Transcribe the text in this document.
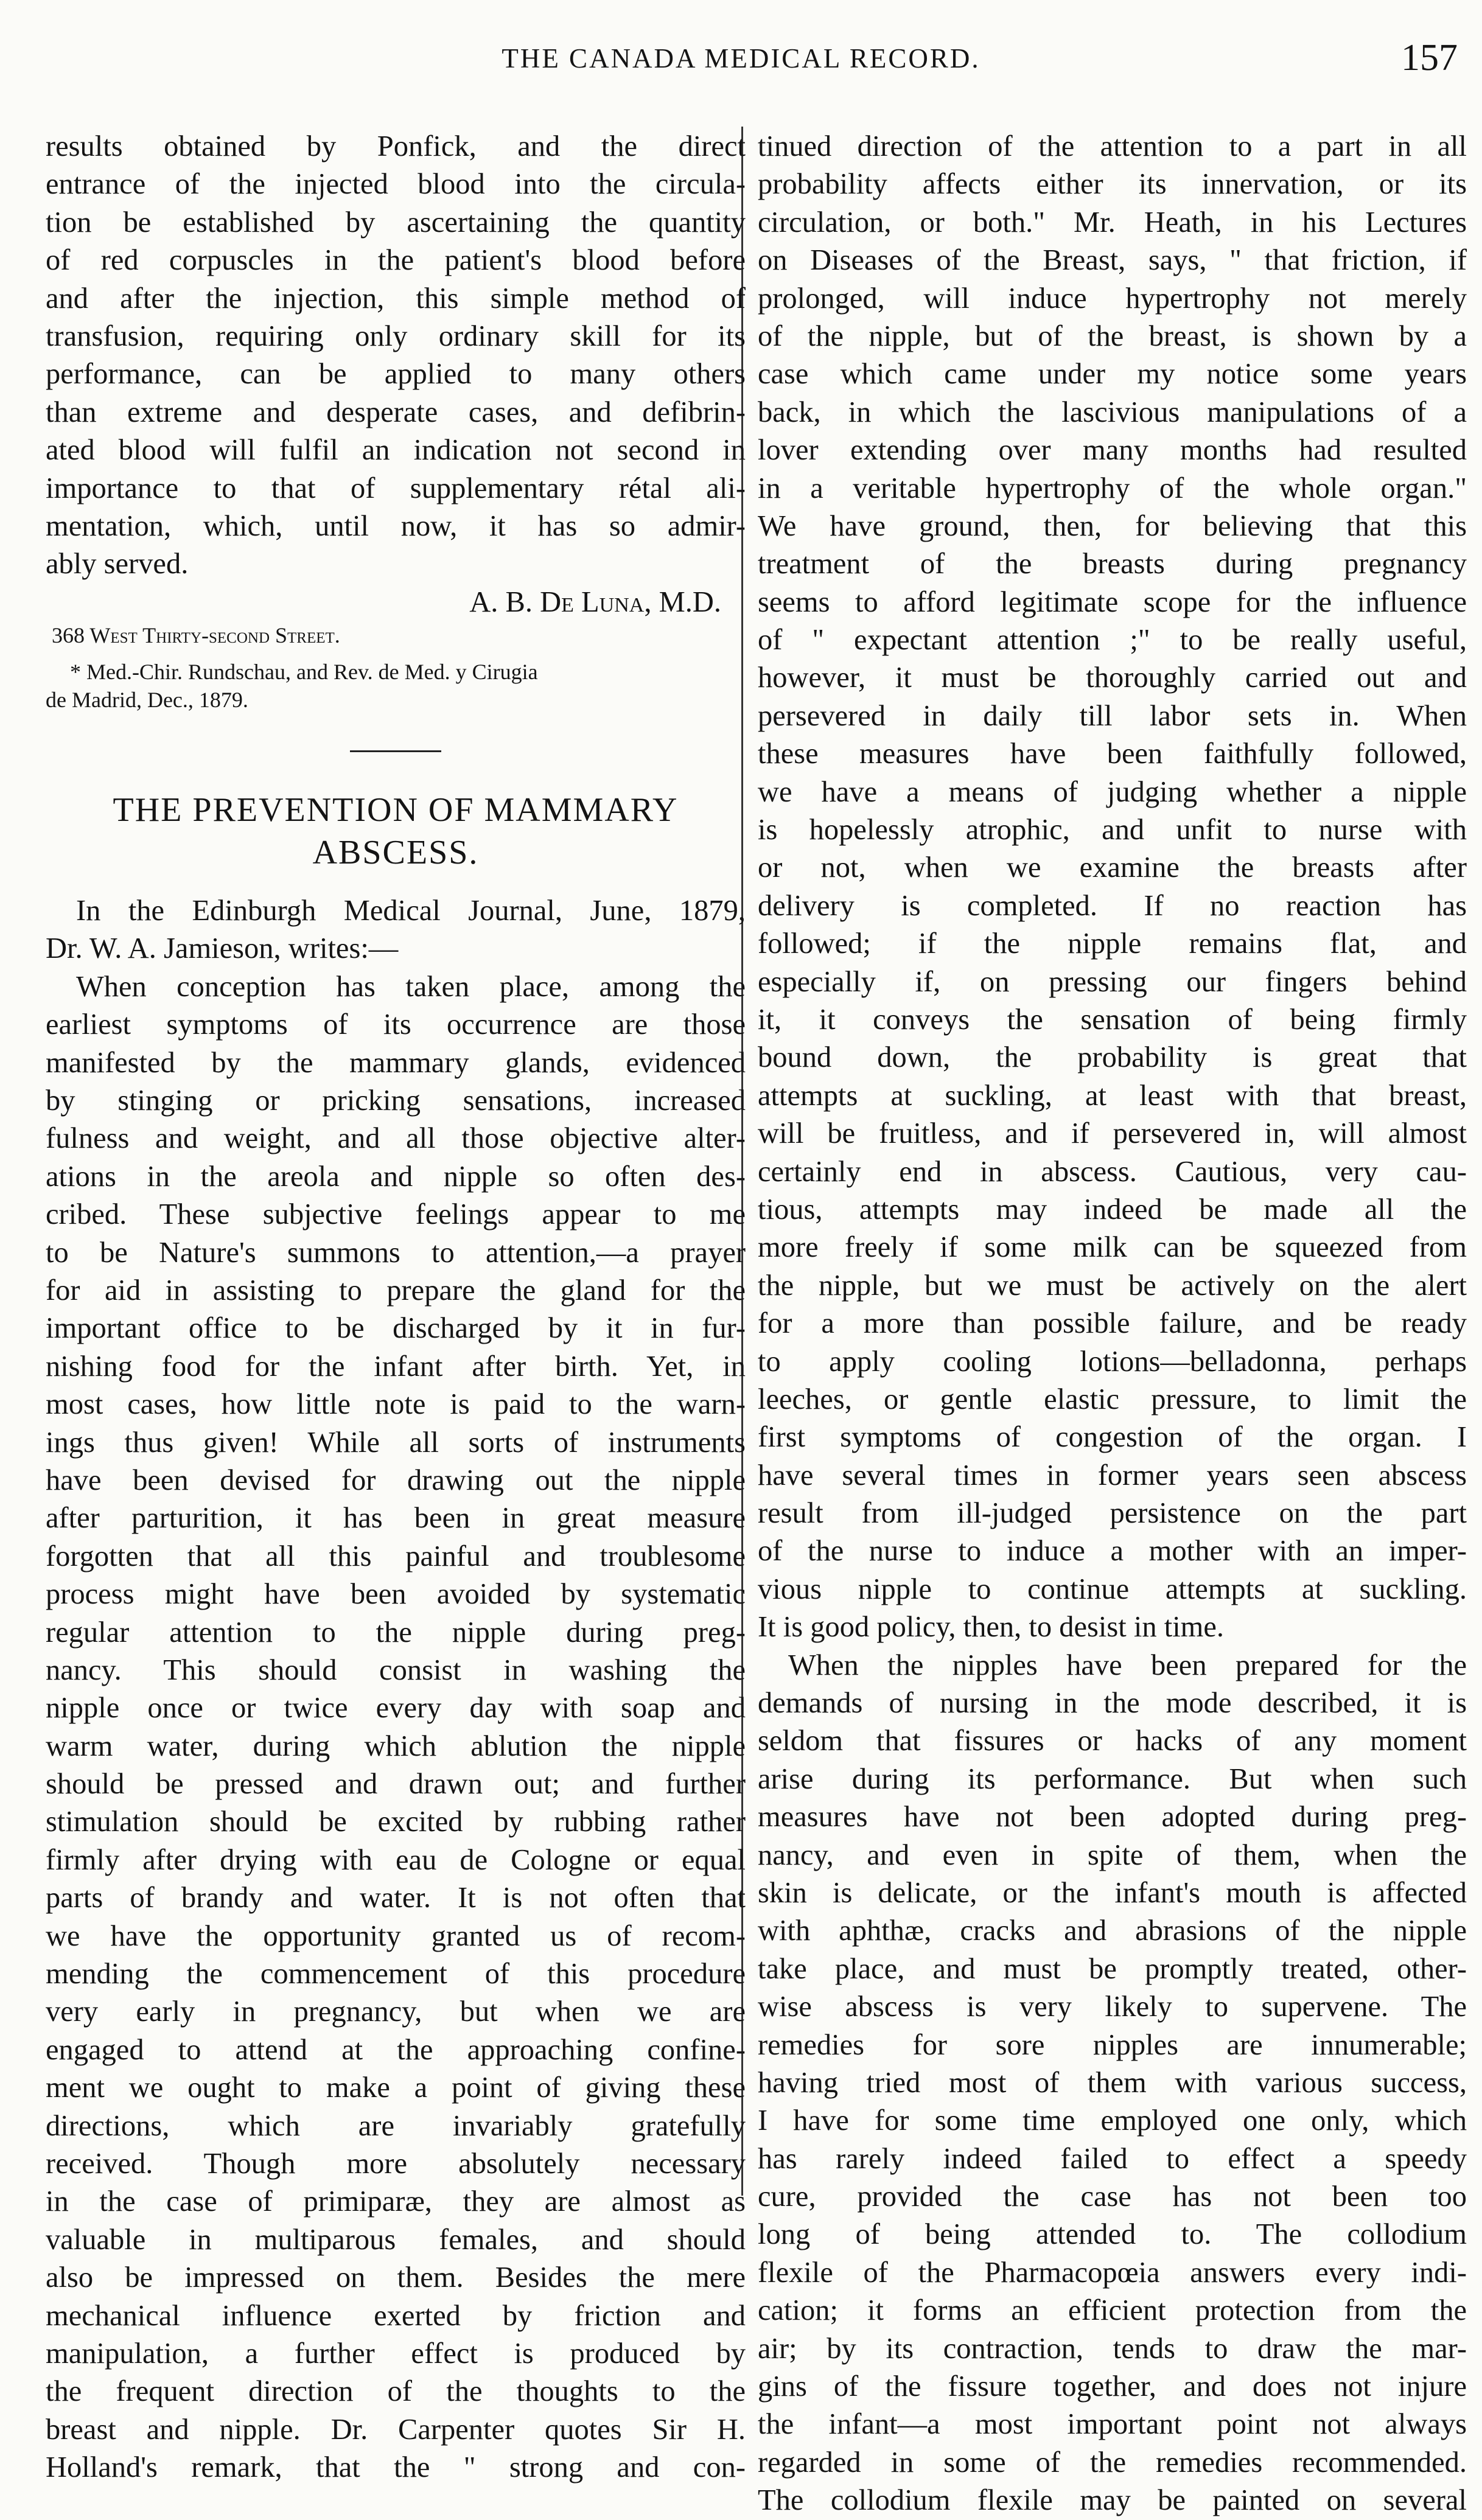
THE CANADA MEDICAL RECORD.	157
results obtained by Ponfick, and the direct
entrance of the injected blood into the circula-
tion be established by ascertaining the quantity
of red corpuscles in the patient's blood before
and after the injection, this simple method of
transfusion, requiring only ordinary skill for its
performance, can be applied to many others
than extreme and desperate cases, and defibrin-
ated blood will fulfil an indication not second in
importance to that of supplementary rétal ali-
mentation, which, until now, it has so admir-
ably served.
A. B. De Luna, M.D.
368 West Thirty-second Street.
* Med.-Chir. Rundschau, and Rev. de Med. y Cirugia
de Madrid, Dec., 1879.
THE PREVENTION OF MAMMARY
ABSCESS.
In the Edinburgh Medical Journal, June, 1879,
Dr. W. A. Jamieson, writes:—
When conception has taken place, among the
earliest symptoms of its occurrence are those
manifested by the mammary glands, evidenced
by stinging or pricking sensations, increased
fulness and weight, and all those objective alter-
ations in the areola and nipple so often des-
cribed. These subjective feelings appear to me
to be Nature's summons to attention,—a prayer
for aid in assisting to prepare the gland for the
important office to be discharged by it in fur-
nishing food for the infant after birth. Yet, in
most cases, how little note is paid to the warn-
ings thus given! While all sorts of instruments
have been devised for drawing out the nipple
after parturition, it has been in great measure
forgotten that all this painful and troublesome
process might have been avoided by systematic
regular attention to the nipple during preg-
nancy. This should consist in washing the
nipple once or twice every day with soap and
warm water, during which ablution the nipple
should be pressed and drawn out; and further
stimulation should be excited by rubbing rather
firmly after drying with eau de Cologne or equal
parts of brandy and water. It is not often that
we have the opportunity granted us of recom-
mending the commencement of this procedure
very early in pregnancy, but when we are
engaged to attend at the approaching confine-
ment we ought to make a point of giving these
directions, which are invariably gratefully
received. Though more absolutely necessary
in the case of primiparæ, they are almost as
valuable in multiparous females, and should
also be impressed on them. Besides the mere
mechanical influence exerted by friction and
manipulation, a further effect is produced by
the frequent direction of the thoughts to the
breast and nipple. Dr. Carpenter quotes Sir H.
Holland's remark, that the " strong and con-
tinued direction of the attention to a part in all
probability affects either its innervation, or its
circulation, or both." Mr. Heath, in his Lectures
on Diseases of the Breast, says, " that friction, if
prolonged, will induce hypertrophy not merely
of the nipple, but of the breast, is shown by a
case which came under my notice some years
back, in which the lascivious manipulations of a
lover extending over many months had resulted
in a veritable hypertrophy of the whole organ."
We have ground, then, for believing that this
treatment of the breasts during pregnancy
seems to afford legitimate scope for the influence
of " expectant attention ;" to be really useful,
however, it must be thoroughly carried out and
persevered in daily till labor sets in. When
these measures have been faithfully followed,
we have a means of judging whether a nipple
is hopelessly atrophic, and unfit to nurse with
or not, when we examine the breasts after
delivery is completed. If no reaction has
followed; if the nipple remains flat, and
especially if, on pressing our fingers behind
it, it conveys the sensation of being firmly
bound down, the probability is great that
attempts at suckling, at least with that breast,
will be fruitless, and if persevered in, will almost
certainly end in abscess. Cautious, very cau-
tious, attempts may indeed be made all the
more freely if some milk can be squeezed from
the nipple, but we must be actively on the alert
for a more than possible failure, and be ready
to apply cooling lotions—belladonna, perhaps
leeches, or gentle elastic pressure, to limit the
first symptoms of congestion of the organ. I
have several times in former years seen abscess
result from ill-judged persistence on the part
of the nurse to induce a mother with an imper-
vious nipple to continue attempts at suckling.
It is good policy, then, to desist in time.
When the nipples have been prepared for the
demands of nursing in the mode described, it is
seldom that fissures or hacks of any moment
arise during its performance. But when such
measures have not been adopted during preg-
nancy, and even in spite of them, when the
skin is delicate, or the infant's mouth is affected
with aphthæ, cracks and abrasions of the nipple
take place, and must be promptly treated, other-
wise abscess is very likely to supervene. The
remedies for sore nipples are innumerable;
having tried most of them with various success,
I have for some time employed one only, which
has rarely indeed failed to effect a speedy
cure, provided the case has not been too
long of being attended to. The collodium
flexile of the Pharmacopœia answers every indi-
cation; it forms an efficient protection from the
air; by its contraction, tends to draw the mar-
gins of the fissure together, and does not injure
the infant—a most important point not always
regarded in some of the remedies recommended.
The collodium flexile may be painted on several
